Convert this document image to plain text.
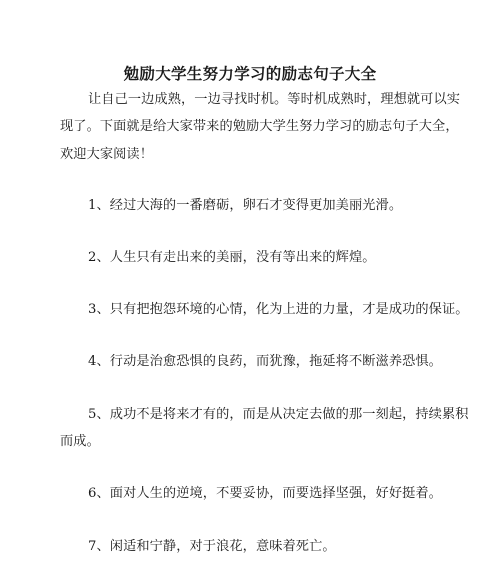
勉励大学生努力学习的励志句子大全
让自己一边成熟，一边寻找时机。等时机成熟时，理想就可以实
现了。下面就是给大家带来的勉励大学生努力学习的励志句子大全，
欢迎大家阅读！
1、经过大海的一番磨砺，卵石才变得更加美丽光滑。
2、人生只有走出来的美丽，没有等出来的辉煌。
3、只有把抱怨环境的心情，化为上进的力量，才是成功的保证。
4、行动是治愈恐惧的良药，而犹豫，拖延将不断滋养恐惧。
5、成功不是将来才有的，而是从决定去做的那一刻起，持续累积
而成。
6、面对人生的逆境，不要妥协，而要选择坚强，好好挺着。
7、闲适和宁静，对于浪花，意味着死亡。
